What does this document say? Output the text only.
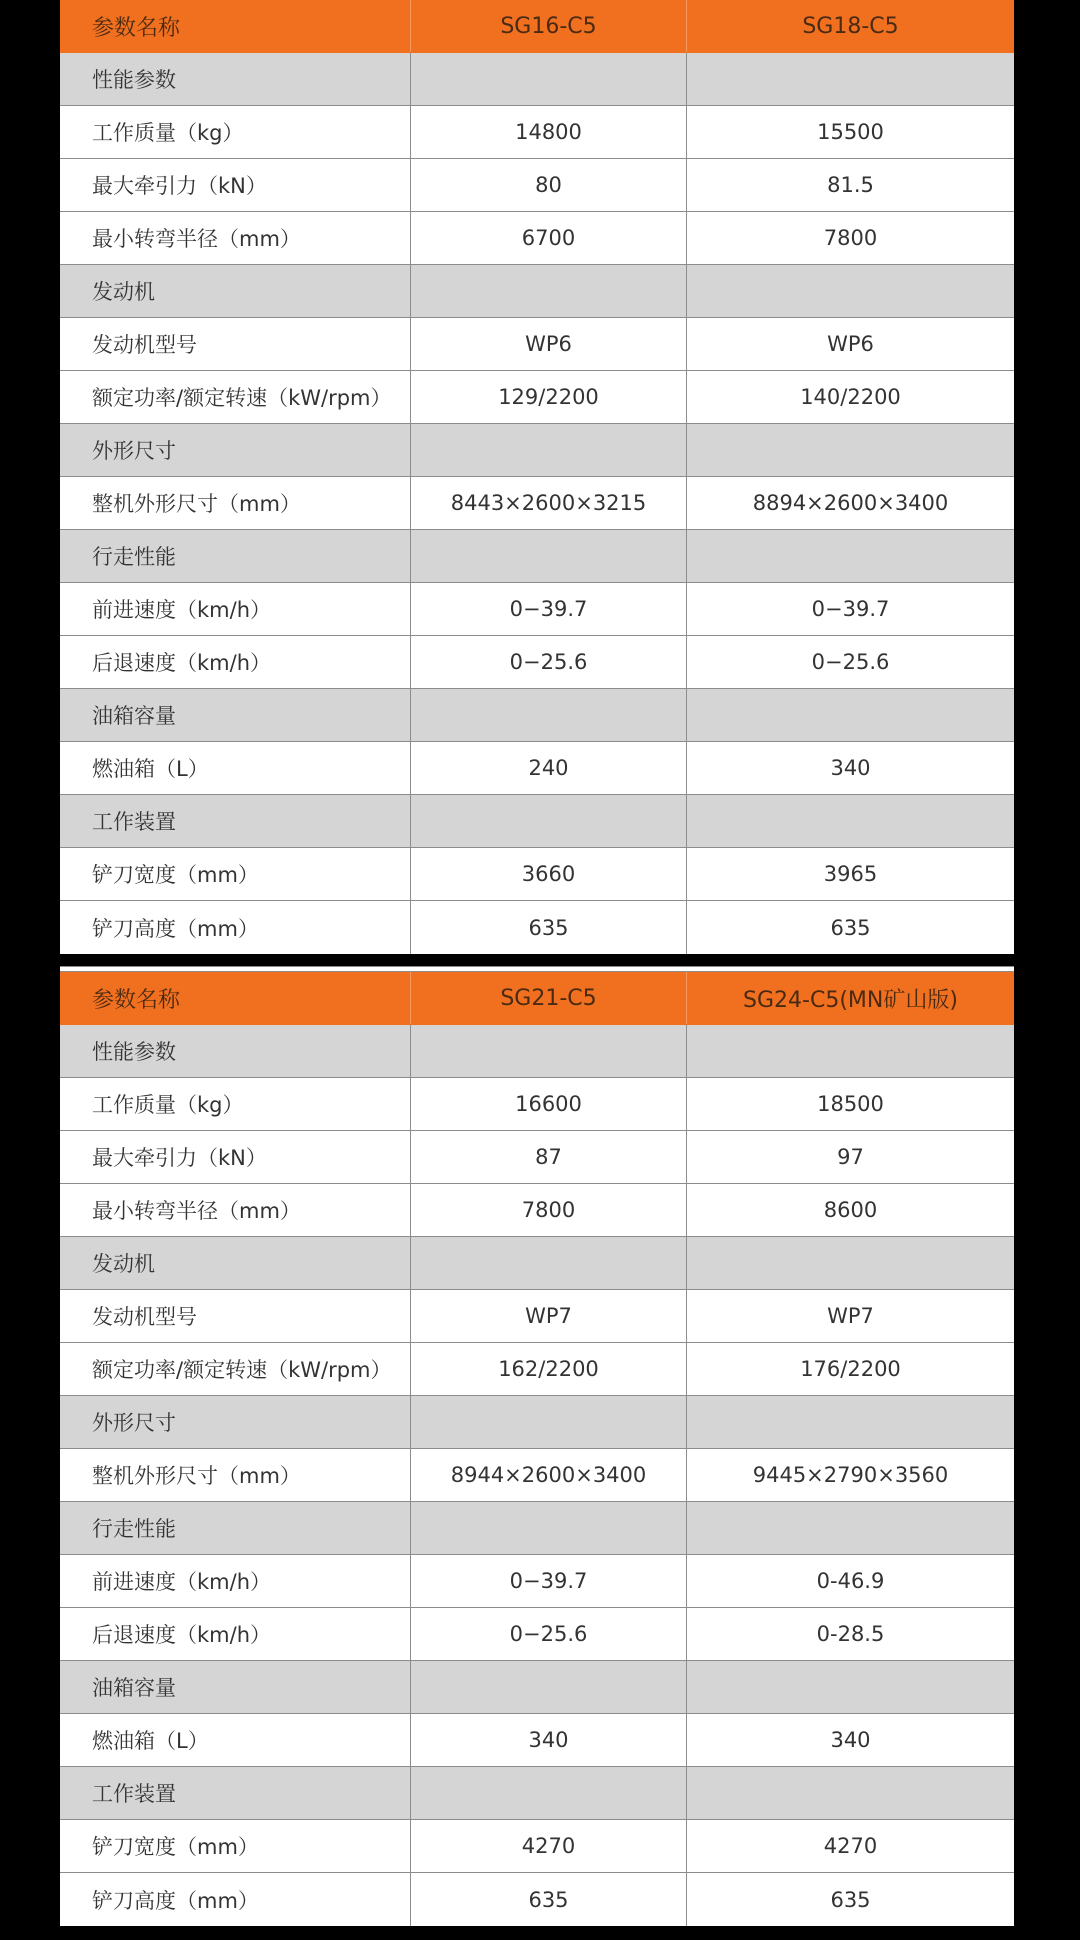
参数名称	SG16-C5	SG18-C5
性能参数
工作质量（kg）	14800	15500
最大牵引力（kN）	80	81.5
最小转弯半径（mm）	6700	7800
发动机
发动机型号	WP6	WP6
额定功率/额定转速（kW/rpm）	129/2200	140/2200
外形尺寸
整机外形尺寸（mm）	8443×2600×3215	8894×2600×3400
行走性能
前进速度（km/h）	0−39.7	0−39.7
后退速度（km/h）	0−25.6	0−25.6
油箱容量
燃油箱（L）	240	340
工作装置
铲刀宽度（mm）	3660	3965
铲刀高度（mm）	635	635
参数名称	SG21-C5	SG24-C5(MN矿山版)
性能参数
工作质量（kg）	16600	18500
最大牵引力（kN）	87	97
最小转弯半径（mm）	7800	8600
发动机
发动机型号	WP7	WP7
额定功率/额定转速（kW/rpm）	162/2200	176/2200
外形尺寸
整机外形尺寸（mm）	8944×2600×3400	9445×2790×3560
行走性能
前进速度（km/h）	0−39.7	0-46.9
后退速度（km/h）	0−25.6	0-28.5
油箱容量
燃油箱（L）	340	340
工作装置
铲刀宽度（mm）	4270	4270
铲刀高度（mm）	635	635
